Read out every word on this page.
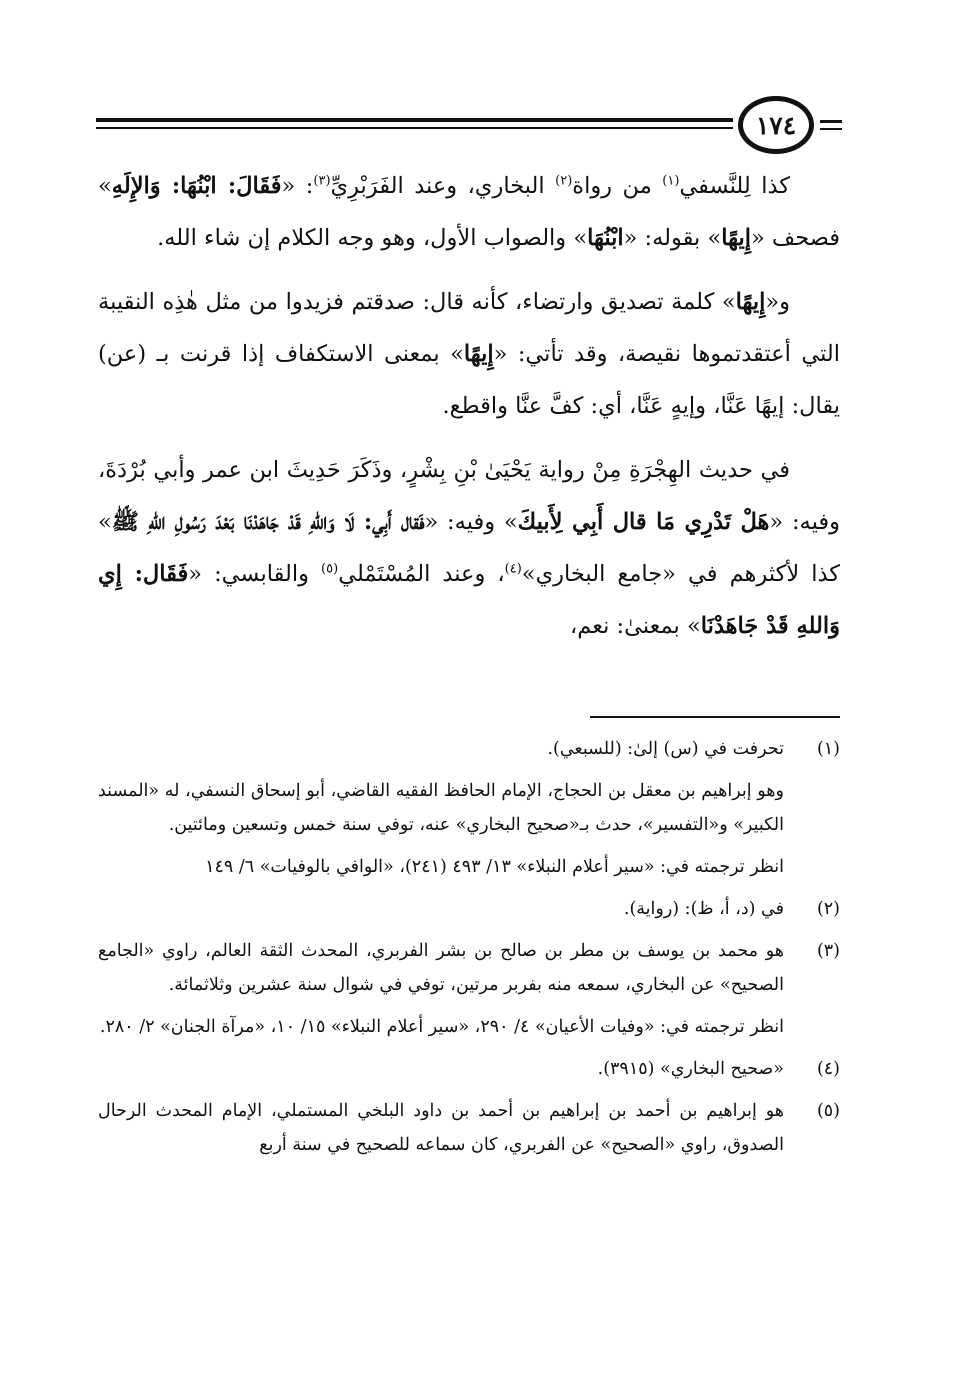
١٧٤

كذا لِلنَّسفي$^{(١)}$ من رواة$^{(٢)}$ البخاري، وعند الفَرَبْرِيِّ$^{(٣)}$: «فَقَالَ: ابْنُهَا: وَالإِلَهِ» فصحف «إِيهًا» بقوله: «ابْنُهَا» والصواب الأول، وهو وجه الكلام إن شاء الله.

و«إِيهًا» كلمة تصديق وارتضاء، كأنه قال: صدقتم فزيدوا من مثل هٰذِه النقيبة التي أعتقدتموها نقيصة، وقد تأتي: «إِيهًا» بمعنى الاستكفاف إذا قرنت بـ (عن) يقال: إيهًا عَنَّا، وإيهٍ عَنَّا، أي: كفَّ عنَّا واقطع.

في حديث الهِجْرَةِ مِنْ رواية يَحْيَىٰ بْنِ بِشْرٍ، وذَكَرَ حَدِيثَ ابن عمر وأبي بُرْدَةَ، وفيه: «هَلْ تَدْرِي مَا قال أَبِي لِأَبيكَ» وفيه: «فَقال أَبِي: لَا وَاللهِ قَدْ جَاهَدْنَا بَعْدَ رَسُولِ اللهِ ﷺ» كذا لأكثرهم في «جامع البخاري»$^{(٤)}$، وعند المُسْتَمْلي$^{(٥)}$ والقابسي: «فَقَال: إِي وَاللهِ قَدْ جَاهَدْنَا» بمعنىٰ: نعم،

(١)

تحرفت في (س) إلىٰ: (للسبعي).

وهو إبراهيم بن معقل بن الحجاج، الإمام الحافظ الفقيه القاضي، أبو إسحاق النسفي، له «المسند الكبير» و«التفسير»، حدث بـ«صحيح البخاري» عنه، توفي سنة خمس وتسعين ومائتين.

انظر ترجمته في: «سير أعلام النبلاء» ١٣/ ٤٩٣ (٢٤١)، «الوافي بالوفيات» ٦/ ١٤٩

(٢)

في (د، أ، ظ): (رواية).

(٣)

هو محمد بن يوسف بن مطر بن صالح بن بشر الفربري، المحدث الثقة العالم، راوي «الجامع الصحيح» عن البخاري، سمعه منه بفربر مرتين، توفي في شوال سنة عشرين وثلاثمائة.

انظر ترجمته في: «وفيات الأعيان» ٤/ ٢٩٠، «سير أعلام النبلاء» ١٥/ ١٠، «مرآة الجنان» ٢/ ٢٨٠.

(٤)

«صحيح البخاري» (٣٩١٥).

(٥)

هو إبراهيم بن أحمد بن إبراهيم بن أحمد بن داود البلخي المستملي، الإمام المحدث الرحال الصدوق، راوي «الصحيح» عن الفربري، كان سماعه للصحيح في سنة أربع
